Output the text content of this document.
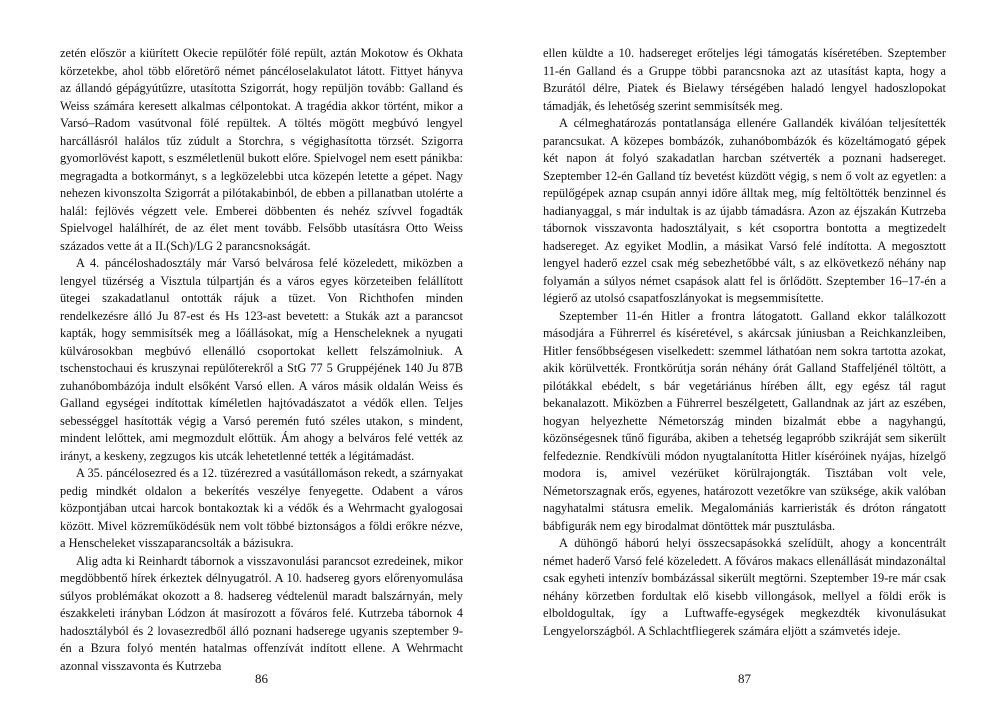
zetén először a kiürített Okecie repülőtér fölé repült, aztán Mokotow és Okhata körzetekbe, ahol több előretörő német páncéloselakulatot látott. Fittyet hányva az állandó gépágyútűzre, utasította Szigorrát, hogy repüljön tovább: Galland és Weiss számára keresett alkalmas célpontokat. A tragédia akkor történt, mikor a Varsó–Radom vasútvonal fölé repültek. A töltés mögött megbúvó lengyel harcállásról halálos tűz zúdult a Storchra, s végighasította törzsét. Szigorra gyomorlövést kapott, s eszméletlenül bukott előre. Spielvogel nem esett pánikba: megragadta a botkormányt, s a legközelebbi utca közepén letette a gépet. Nagy nehezen kivonszolta Szigorrát a pilótakabinból, de ebben a pillanatban utolérte a halál: fejlövés végzett vele. Emberei döbbenten és nehéz szívvel fogadták Spielvogel halálhírét, de az élet ment tovább. Felsőbb utasításra Otto Weiss százados vette át a II.(Sch)/LG 2 parancsnokságát.

A 4. páncéloshadosztály már Varsó belvárosa felé közeledett, miközben a lengyel tüzérség a Visztula túlpartján és a város egyes körzeteiben felállított ütegei szakadatlanul ontották rájuk a tüzet. Von Richthofen minden rendelkezésre álló Ju 87-est és Hs 123-ast bevetett: a Stukák azt a parancsot kapták, hogy semmisítsék meg a lőállásokat, míg a Henscheleknek a nyugati külvárosokban megbúvó ellenálló csoportokat kellett felszámolniuk. A tschenstochaui és kruszynai repülőterekről a StG 77 5 Gruppéjének 140 Ju 87B zuhanóbombázója indult elsőként Varsó ellen. A város másik oldalán Weiss és Galland egységei indítottak kíméletlen hajtóvadászatot a védők ellen. Teljes sebességgel hasították végig a Varsó peremén futó széles utakon, s mindent, mindent lelőttek, ami megmozdult előttük. Ám ahogy a belváros felé vették az irányt, a keskeny, zegzugos kis utcák lehetetlenné tették a légitámadást.

A 35. páncélosezred és a 12. tüzérezred a vasútállomáson rekedt, a szárnyakat pedig mindkét oldalon a bekerítés veszélye fenyegette. Odabent a város központjában utcai harcok bontakoztak ki a védők és a Wehrmacht gyalogosai között. Mivel közreműködésük nem volt többé biztonságos a földi erőkre nézve, a Henscheleket visszaparancsolták a bázisukra.

Alig adta ki Reinhardt tábornok a visszavonulási parancsot ezredeinek, mikor megdöbbentő hírek érkeztek délnyugatról. A 10. hadsereg gyors előrenyomulása súlyos problémákat okozott a 8. hadsereg védtelenül maradt balszárnyán, mely északkeleti irányban Lódzon át masírozott a főváros felé. Kutrzeba tábornok 4 hadosztályból és 2 lovasezredből álló poznani hadserege ugyanis szeptember 9-én a Bzura folyó mentén hatalmas offenzívát indított ellene. A Wehrmacht azonnal visszavonta és Kutrzeba

86

ellen küldte a 10. hadsereget erőteljes légi támogatás kíséretében. Szeptember 11-én Galland és a Gruppe többi parancsnoka azt az utasítást kapta, hogy a Bzurától délre, Piatek és Bielawy térségében haladó lengyel hadoszlopokat támadják, és lehetőség szerint semmisítsék meg.

A célmeghatározás pontatlansága ellenére Gallandék kiválóan teljesítették parancsukat. A közepes bombázók, zuhanóbombázók és közeltámogató gépek két napon át folyó szakadatlan harcban szétverték a poznani hadsereget. Szeptember 12-én Galland tíz bevetést küzdött végig, s nem ő volt az egyetlen: a repülőgépek aznap csupán annyi időre álltak meg, míg feltöltötték benzinnel és hadianyaggal, s már indultak is az újabb támadásra. Azon az éjszakán Kutrzeba tábornok visszavonta hadosztályait, s két csoportra bontotta a megtizedelt hadsereget. Az egyiket Modlin, a másikat Varsó felé indította. A megosztott lengyel haderő ezzel csak még sebezhetőbbé vált, s az elkövetkező néhány nap folyamán a súlyos német csapások alatt fel is őrlődött. Szeptember 16–17-én a légierő az utolsó csapatfoszlányokat is megsemmisítette.

Szeptember 11-én Hitler a frontra látogatott. Galland ekkor találkozott másodjára a Führerrel és kíséretével, s akárcsak júniusban a Reichkanzleiben, Hitler fensőbbségesen viselkedett: szemmel láthatóan nem sokra tartotta azokat, akik körülvették. Frontkörútja során néhány órát Galland Staffeljénél töltött, a pilótákkal ebédelt, s bár vegetáriánus hírében állt, egy egész tál ragut bekanalazott. Miközben a Führerrel beszélgetett, Gallandnak az járt az eszében, hogyan helyezhette Németország minden bizalmát ebbe a nagyhangú, közönségesnek tűnő figurába, akiben a tehetség legapróbb szikráját sem sikerült felfedeznie. Rendkívüli módon nyugtalanította Hitler kíséróinek nyájas, hízelgő modora is, amivel vezérüket körülrajongták. Tisztában volt vele, Németorszagnak erős, egyenes, határozott vezetőkre van szüksége, akik valóban nagyhatalmi státusra emelik. Megalomániás karrieristák és dróton rángatott bábfigurák nem egy birodalmat döntöttek már pusztulásba.

A dühöngő háború helyi összecsapásokká szelídült, ahogy a koncentrált német haderő Varsó felé közeledett. A főváros makacs ellenállását mindazonáltal csak egyheti intenzív bombázással sikerült megtörni. Szeptember 19-re már csak néhány körzetben fordultak elő kisebb villongások, mellyel a földi erők is elboldogultak, így a Luftwaffe-egységek megkezdték kivonulásukat Lengyelországból. A Schlachtfliegerek számára eljött a számvetés ideje.

87
